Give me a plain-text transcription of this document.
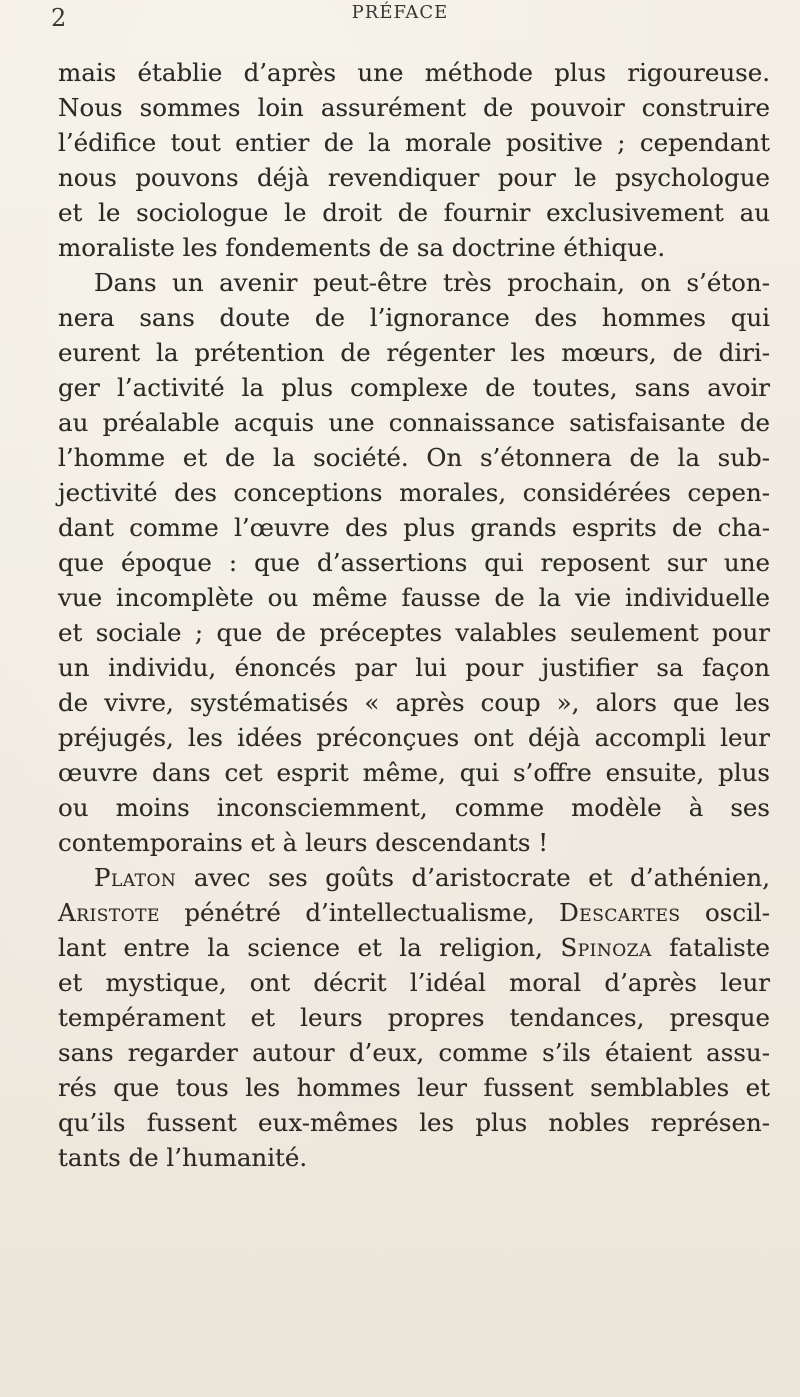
2	PRÉFACE
mais établie d’après une méthode plus rigoureuse.
Nous sommes loin assurément de pouvoir construire
l’édifice tout entier de la morale positive ; cependant
nous pouvons déjà revendiquer pour le psychologue
et le sociologue le droit de fournir exclusivement au
moraliste les fondements de sa doctrine éthique.
Dans un avenir peut-être très prochain, on s’éton-
nera sans doute de l’ignorance des hommes qui
eurent la prétention de régenter les mœurs, de diri-
ger l’activité la plus complexe de toutes, sans avoir
au préalable acquis une connaissance satisfaisante de
l’homme et de la société. On s’étonnera de la sub-
jectivité des conceptions morales, considérées cepen-
dant comme l’œuvre des plus grands esprits de cha-
que époque : que d’assertions qui reposent sur une
vue incomplète ou même fausse de la vie individuelle
et sociale ; que de préceptes valables seulement pour
un individu, énoncés par lui pour justifier sa façon
de vivre, systématisés « après coup », alors que les
préjugés, les idées préconçues ont déjà accompli leur
œuvre dans cet esprit même, qui s’offre ensuite, plus
ou moins inconsciemment, comme modèle à ses
contemporains et à leurs descendants !
Platon avec ses goûts d’aristocrate et d’athénien,
Aristote pénétré d’intellectualisme, Descartes oscil-
lant entre la science et la religion, Spinoza fataliste
et mystique, ont décrit l’idéal moral d’après leur
tempérament et leurs propres tendances, presque
sans regarder autour d’eux, comme s’ils étaient assu-
rés que tous les hommes leur fussent semblables et
qu’ils fussent eux-mêmes les plus nobles représen-
tants de l’humanité.
